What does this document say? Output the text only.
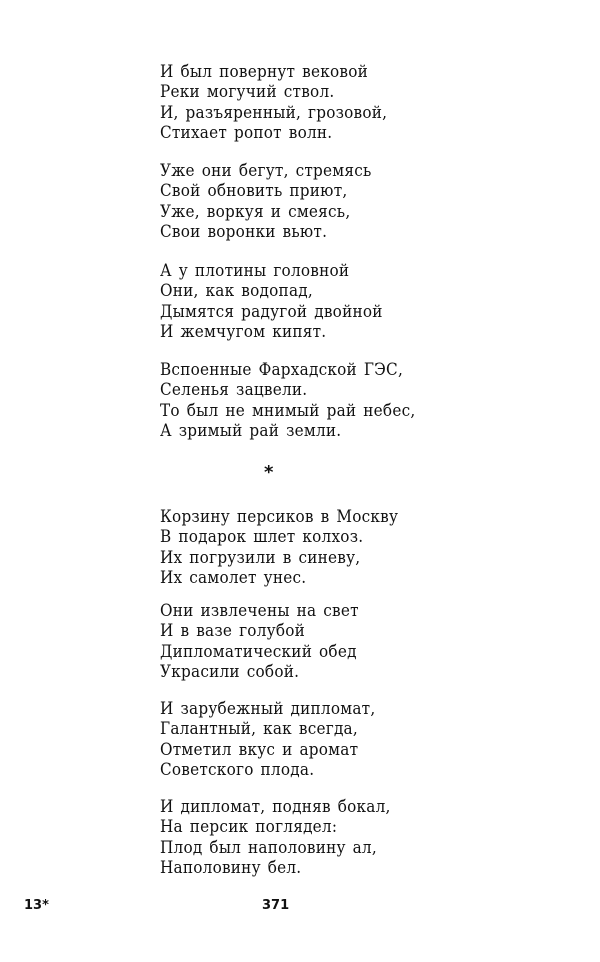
И был повернут вековой
Реки могучий ствол.
И, разъяренный, грозовой,
Стихает ропот волн.
Уже они бегут, стремясь
Свой обновить приют,
Уже, воркуя и смеясь,
Свои воронки вьют.
А у плотины головной
Они, как водопад,
Дымятся радугой двойной
И жемчугом кипят.
Вспоенные Фархадской ГЭС,
Селенья зацвели.
То был не мнимый рай небес,
А зримый рай земли.
Корзину персиков в Москву
В подарок шлет колхоз.
Их погрузили в синеву,
Их самолет унес.
Они извлечены на свет
И в вазе голубой
Дипломатический обед
Украсили собой.
И зарубежный дипломат,
Галантный, как всегда,
Отметил вкус и аромат
Советского плода.
И дипломат, подняв бокал,
На персик поглядел:
Плод был наполовину ал,
Наполовину бел.
*
13*	371
